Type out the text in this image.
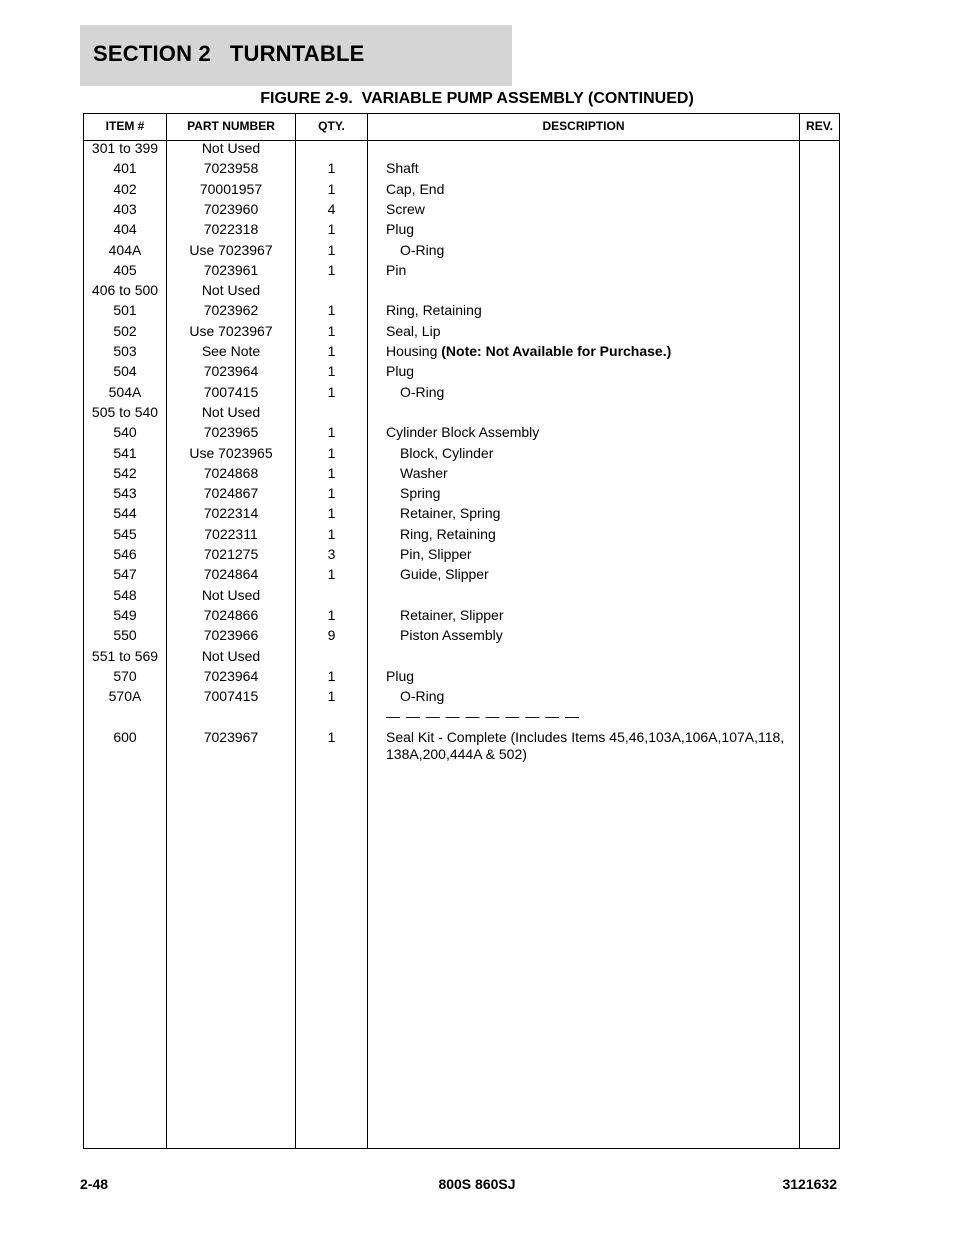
SECTION 2   TURNTABLE
FIGURE 2-9.  VARIABLE PUMP ASSEMBLY (CONTINUED)
ITEM #	PART NUMBER	QTY.	DESCRIPTION	REV.
301 to 399	Not Used
401	7023958	1	Shaft
402	70001957	1	Cap, End
403	7023960	4	Screw
404	7022318	1	Plug
404A	Use 7023967	1	O-Ring
405	7023961	1	Pin
406 to 500	Not Used
501	7023962	1	Ring, Retaining
502	Use 7023967	1	Seal, Lip
503	See Note	1	Housing (Note: Not Available for Purchase.)
504	7023964	1	Plug
504A	7007415	1	O-Ring
505 to 540	Not Used
540	7023965	1	Cylinder Block Assembly
541	Use 7023965	1	Block, Cylinder
542	7024868	1	Washer
543	7024867	1	Spring
544	7022314	1	Retainer, Spring
545	7022311	1	Ring, Retaining
546	7021275	3	Pin, Slipper
547	7024864	1	Guide, Slipper
548	Not Used
549	7024866	1	Retainer, Slipper
550	7023966	9	Piston Assembly
551 to 569	Not Used
570	7023964	1	Plug
570A	7007415	1	O-Ring
— — — — — — — — — —
600	7023967	1	Seal Kit - Complete (Includes Items 45,46,103A,106A,107A,118, 138A,200,444A & 502)
2-48	800S 860SJ	3121632
